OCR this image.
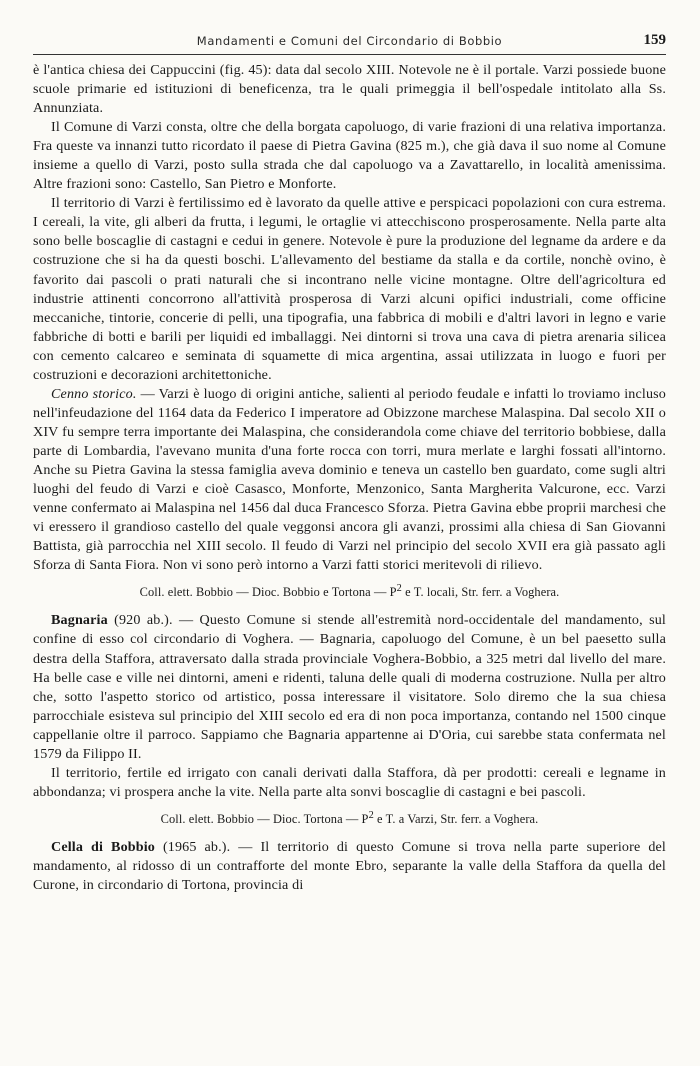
Mandamenti e Comuni del Circondario di Bobbio	159

è l'antica chiesa dei Cappuccini (fig. 45): data dal secolo XIII. Notevole ne è il portale. Varzi possiede buone scuole primarie ed istituzioni di beneficenza, tra le quali primeggia il bell'ospedale intitolato alla Ss. Annunziata.

Il Comune di Varzi consta, oltre che della borgata capoluogo, di varie frazioni di una relativa importanza. Fra queste va innanzi tutto ricordato il paese di Pietra Gavina (825 m.), che già dava il suo nome al Comune insieme a quello di Varzi, posto sulla strada che dal capoluogo va a Zavattarello, in località amenissima. Altre frazioni sono: Castello, San Pietro e Monforte.

Il territorio di Varzi è fertilissimo ed è lavorato da quelle attive e perspicaci popolazioni con cura estrema. I cereali, la vite, gli alberi da frutta, i legumi, le ortaglie vi attecchiscono prosperosamente. Nella parte alta sono belle boscaglie di castagni e cedui in genere. Notevole è pure la produzione del legname da ardere e da costruzione che si ha da questi boschi. L'allevamento del bestiame da stalla e da cortile, nonchè ovino, è favorito dai pascoli o prati naturali che si incontrano nelle vicine montagne. Oltre dell'agricoltura ed industrie attinenti concorrono all'attività prosperosa di Varzi alcuni opifici industriali, come officine meccaniche, tintorie, concerie di pelli, una tipografia, una fabbrica di mobili e d'altri lavori in legno e varie fabbriche di botti e barili per liquidi ed imballaggi. Nei dintorni si trova una cava di pietra arenaria silicea con cemento calcareo e seminata di squamette di mica argentina, assai utilizzata in luogo e fuori per costruzioni e decorazioni architettoniche.

Cenno storico. — Varzi è luogo di origini antiche, salienti al periodo feudale e infatti lo troviamo incluso nell'infeudazione del 1164 data da Federico I imperatore ad Obizzone marchese Malaspina. Dal secolo XII o XIV fu sempre terra importante dei Malaspina, che considerandola come chiave del territorio bobbiese, dalla parte di Lombardia, l'avevano munita d'una forte rocca con torri, mura merlate e larghi fossati all'intorno. Anche su Pietra Gavina la stessa famiglia aveva dominio e teneva un castello ben guardato, come sugli altri luoghi del feudo di Varzi e cioè Casasco, Monforte, Menzonico, Santa Margherita Valcurone, ecc. Varzi venne confermato ai Malaspina nel 1456 dal duca Francesco Sforza. Pietra Gavina ebbe proprii marchesi che vi eressero il grandioso castello del quale veggonsi ancora gli avanzi, prossimi alla chiesa di San Giovanni Battista, già parrocchia nel XIII secolo. Il feudo di Varzi nel principio del secolo XVII era già passato agli Sforza di Santa Fiora. Non vi sono però intorno a Varzi fatti storici meritevoli di rilievo.

Coll. elett. Bobbio — Dioc. Bobbio e Tortona — $P^2$ e T. locali, Str. ferr. a Voghera.

Bagnaria (920 ab.). — Questo Comune si stende all'estremità nord-occidentale del mandamento, sul confine di esso col circondario di Voghera. — Bagnaria, capoluogo del Comune, è un bel paesetto sulla destra della Staffora, attraversato dalla strada provinciale Voghera-Bobbio, a 325 metri dal livello del mare. Ha belle case e ville nei dintorni, ameni e ridenti, taluna delle quali di moderna costruzione. Nulla per altro che, sotto l'aspetto storico od artistico, possa interessare il visitatore. Solo diremo che la sua chiesa parrocchiale esisteva sul principio del XIII secolo ed era di non poca importanza, contando nel 1500 cinque cappellanie oltre il parroco. Sappiamo che Bagnaria appartenne ai D'Oria, cui sarebbe stata confermata nel 1579 da Filippo II.

Il territorio, fertile ed irrigato con canali derivati dalla Staffora, dà per prodotti: cereali e legname in abbondanza; vi prospera anche la vite. Nella parte alta sonvi boscaglie di castagni e bei pascoli.

Coll. elett. Bobbio — Dioc. Tortona — $P^2$ e T. a Varzi, Str. ferr. a Voghera.

Cella di Bobbio (1965 ab.). — Il territorio di questo Comune si trova nella parte superiore del mandamento, al ridosso di un contrafforte del monte Ebro, separante la valle della Staffora da quella del Curone, in circondario di Tortona, provincia di
